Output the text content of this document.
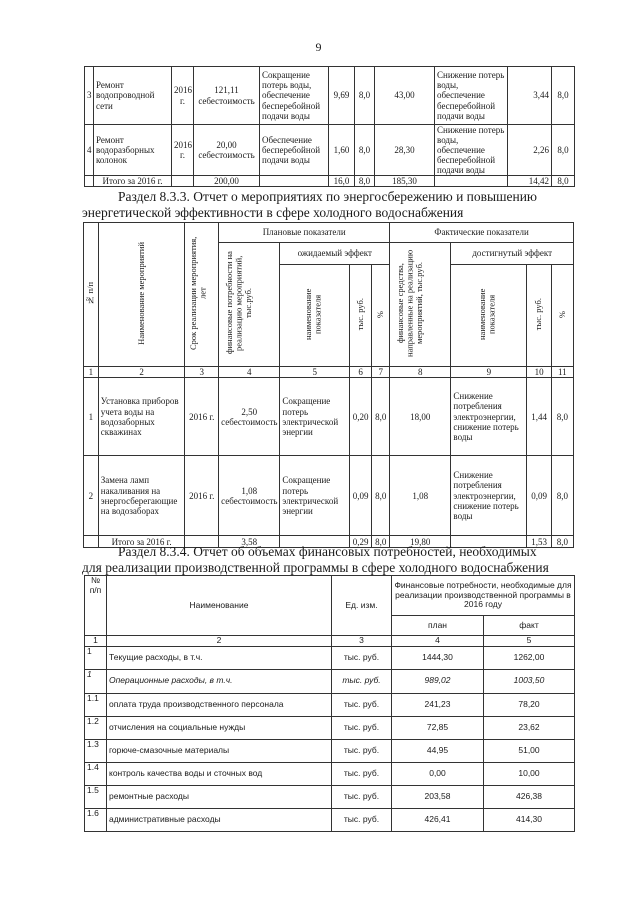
9
3	Ремонт водопроводной сети	2016 г.	121,11 себестоимость	Сокращение потерь воды, обеспечение бесперебойной подачи воды	9,69	8,0	43,00	Снижение потерь воды, обеспечение бесперебойной подачи воды	3,44	8,0
4	Ремонт водоразборных колонок	2016 г.	20,00 себестоимость	Обеспечение бесперебойной подачи воды	1,60	8,0	28,30	Снижение потерь воды, обеспечение бесперебойной подачи воды	2,26	8,0
	Итого за 2016 г.		200,00		16,0	8,0	185,30		14,42	8,0
Раздел 8.3.3. Отчет о мероприятиях по энергосбережению и повышению
энергетической эффективности в сфере холодного водоснабжения
№ п/п	Наименование мероприятий	Срок реализации мероприятия, лет	Плановые показатели				Фактические показатели			
			финансовые потребности на реализацию мероприятий, тыс.руб.	ожидаемый эффект			финансовые средства, направленные на реализацию мероприятий, тыс.руб.	достигнутый эффект		
				наименование показателя	тыс. руб.	%		наименование показателя	тыс. руб.	%
1	2	3	4	5	6	7	8	9	10	11
1	Установка приборов учета воды на водозаборных скважинах	2016 г.	2,50 себестоимость	Сокращение потерь электрической энергии	0,20	8,0	18,00	Снижение потребления электроэнергии, снижение потерь воды	1,44	8,0
2	Замена ламп накаливания на энергосберегающие на водозаборах	2016 г.	1,08 себестоимость	Сокращение потерь электрической энергии	0,09	8,0	1,08	Снижение потребления электроэнергии, снижение потерь воды	0,09	8,0
	Итого за 2016 г.		3,58		0,29	8,0	19,80		1,53	8,0
Раздел 8.3.4. Отчет об объемах финансовых потребностей, необходимых
для реализации производственной программы в сфере холодного водоснабжения
№ п/п	Наименование	Ед. изм.	Финансовые потребности, необходимые для реализации производственной программы в 2016 году	
			план	факт
1	2	3	4	5
1	Текущие расходы, в т.ч.	тыс. руб.	1444,30	1262,00
1	Операционные расходы, в т.ч.	тыс. руб.	989,02	1003,50
1.1	оплата труда производственного персонала	тыс. руб.	241,23	78,20
1.2	отчисления на социальные нужды	тыс. руб.	72,85	23,62
1.3	горюче-смазочные материалы	тыс. руб.	44,95	51,00
1.4	контроль качества воды и сточных вод	тыс. руб.	0,00	10,00
1.5	ремонтные расходы	тыс. руб.	203,58	426,38
1.6	административные расходы	тыс. руб.	426,41	414,30
